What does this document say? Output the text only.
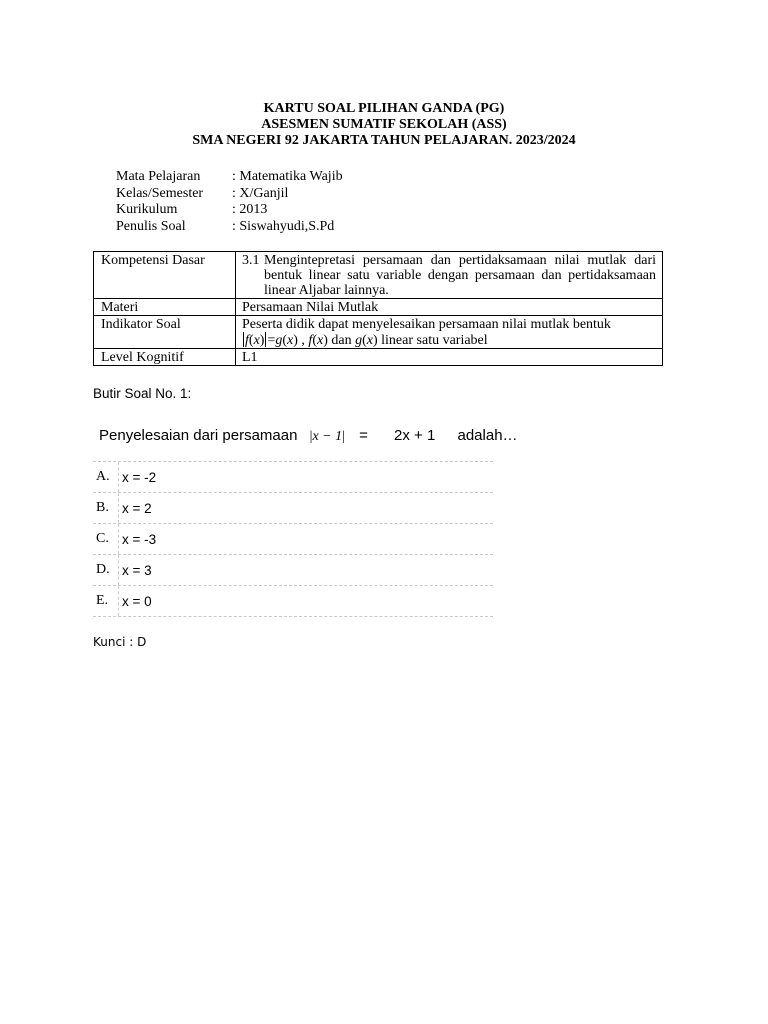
KARTU SOAL PILIHAN GANDA (PG)
ASESMEN SUMATIF SEKOLAH (ASS)
SMA NEGERI 92 JAKARTA TAHUN PELAJARAN. 2023/2024
Mata Pelajaran	: Matematika Wajib
Kelas/Semester	: X/Ganjil
Kurikulum	: 2013
Penulis Soal	: Siswahyudi,S.Pd
Kompetensi Dasar	3.1 Mengintepretasi persamaan dan pertidaksamaan nilai mutlak dari bentuk linear satu variable dengan persamaan dan pertidaksamaan linear Aljabar lainnya.

Materi	Persamaan Nilai Mutlak
Indikator Soal	Peserta didik dapat menyelesaikan persamaan nilai mutlak bentuk
f(x) =g(x) , f(x) dan g(x) linear satu variabel

Level Kognitif	L1
Butir Soal No. 1:
Penyelesaian dari persamaan |x − 1| = 2x + 1 adalah…
A. x = -2
B. x = 2
C. x = -3
D. x = 3
E.	x = 0
Kunci : D
